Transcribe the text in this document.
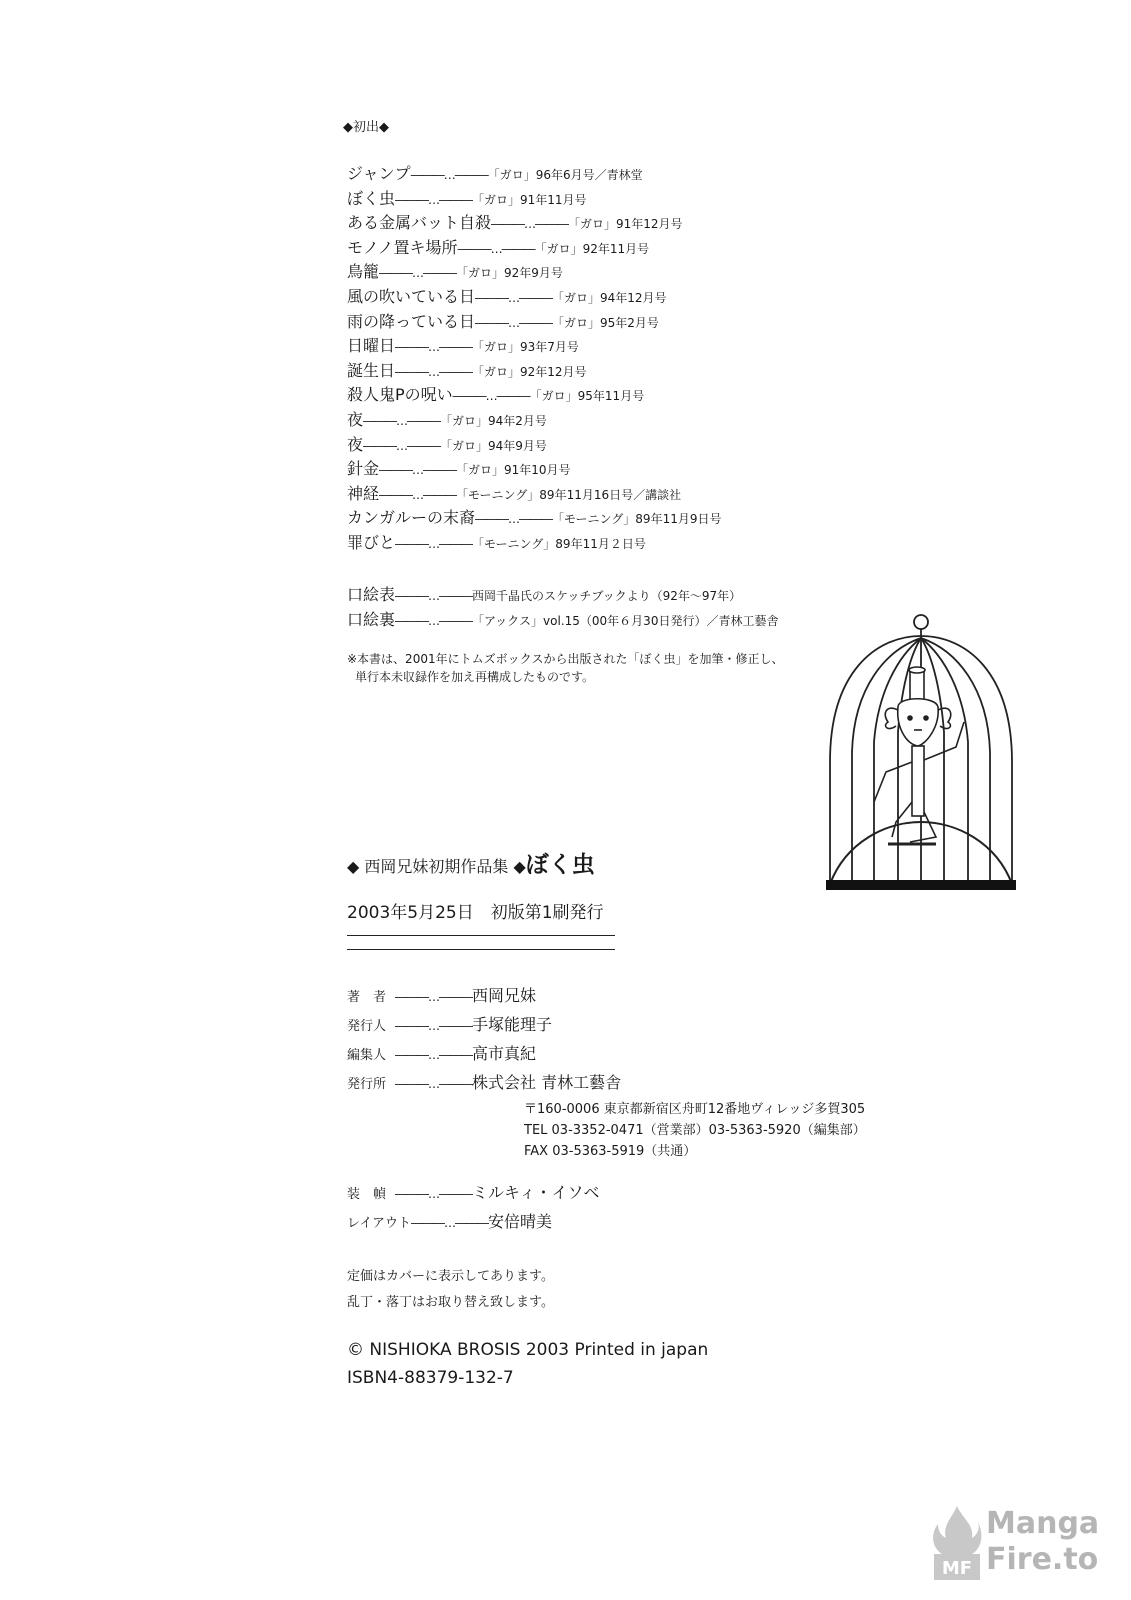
◆初出◆
ジャンプ―――…―――「ガロ」96年6月号／青林堂
ぼく虫―――…―――「ガロ」91年11月号
ある金属バット自殺―――…―――「ガロ」91年12月号
モノノ置キ場所―――…―――「ガロ」92年11月号
鳥籠―――…―――「ガロ」92年9月号
風の吹いている日―――…―――「ガロ」94年12月号
雨の降っている日―――…―――「ガロ」95年2月号
日曜日―――…―――「ガロ」93年7月号
誕生日―――…―――「ガロ」92年12月号
殺人鬼Pの呪い―――…―――「ガロ」95年11月号
夜―――…―――「ガロ」94年2月号
夜―――…―――「ガロ」94年9月号
針金―――…―――「ガロ」91年10月号
神経―――…―――「モーニング」89年11月16日号／講談社
カンガルーの末裔―――…―――「モーニング」89年11月9日号
罪びと―――…―――「モーニング」89年11月２日号
口絵表―――…―――西岡千晶氏のスケッチブックより（92年～97年）
口絵裏―――…―――「アックス」vol.15（00年６月30日発行）／青林工藝舎
※本書は、2001年にトムズボックスから出版された「ぼく虫」を加筆・修正し、
単行本未収録作を加え再構成したものです。
◆ 西岡兄妹初期作品集 ◆ぼく虫
2003年5月25日　初版第1刷発行
著　者 ―――…―――西岡兄妹
発行人 ―――…―――手塚能理子
編集人 ―――…―――高市真紀
発行所 ―――…―――株式会社 青林工藝舎
〒160-0006 東京都新宿区舟町12番地ヴィレッジ多賀305
TEL 03-3352-0471（営業部）03-5363-5920（編集部）
FAX 03-5363-5919（共通）
装　幀 ―――…―――ミルキィ・イソベ
レイアウト―――…―――安倍晴美
定価はカバーに表示してあります。
乱丁・落丁はお取り替え致します。
© NISHIOKA BROSIS 2003 Printed in japan
ISBN4-88379-132-7
MF
Manga
Fire.to
